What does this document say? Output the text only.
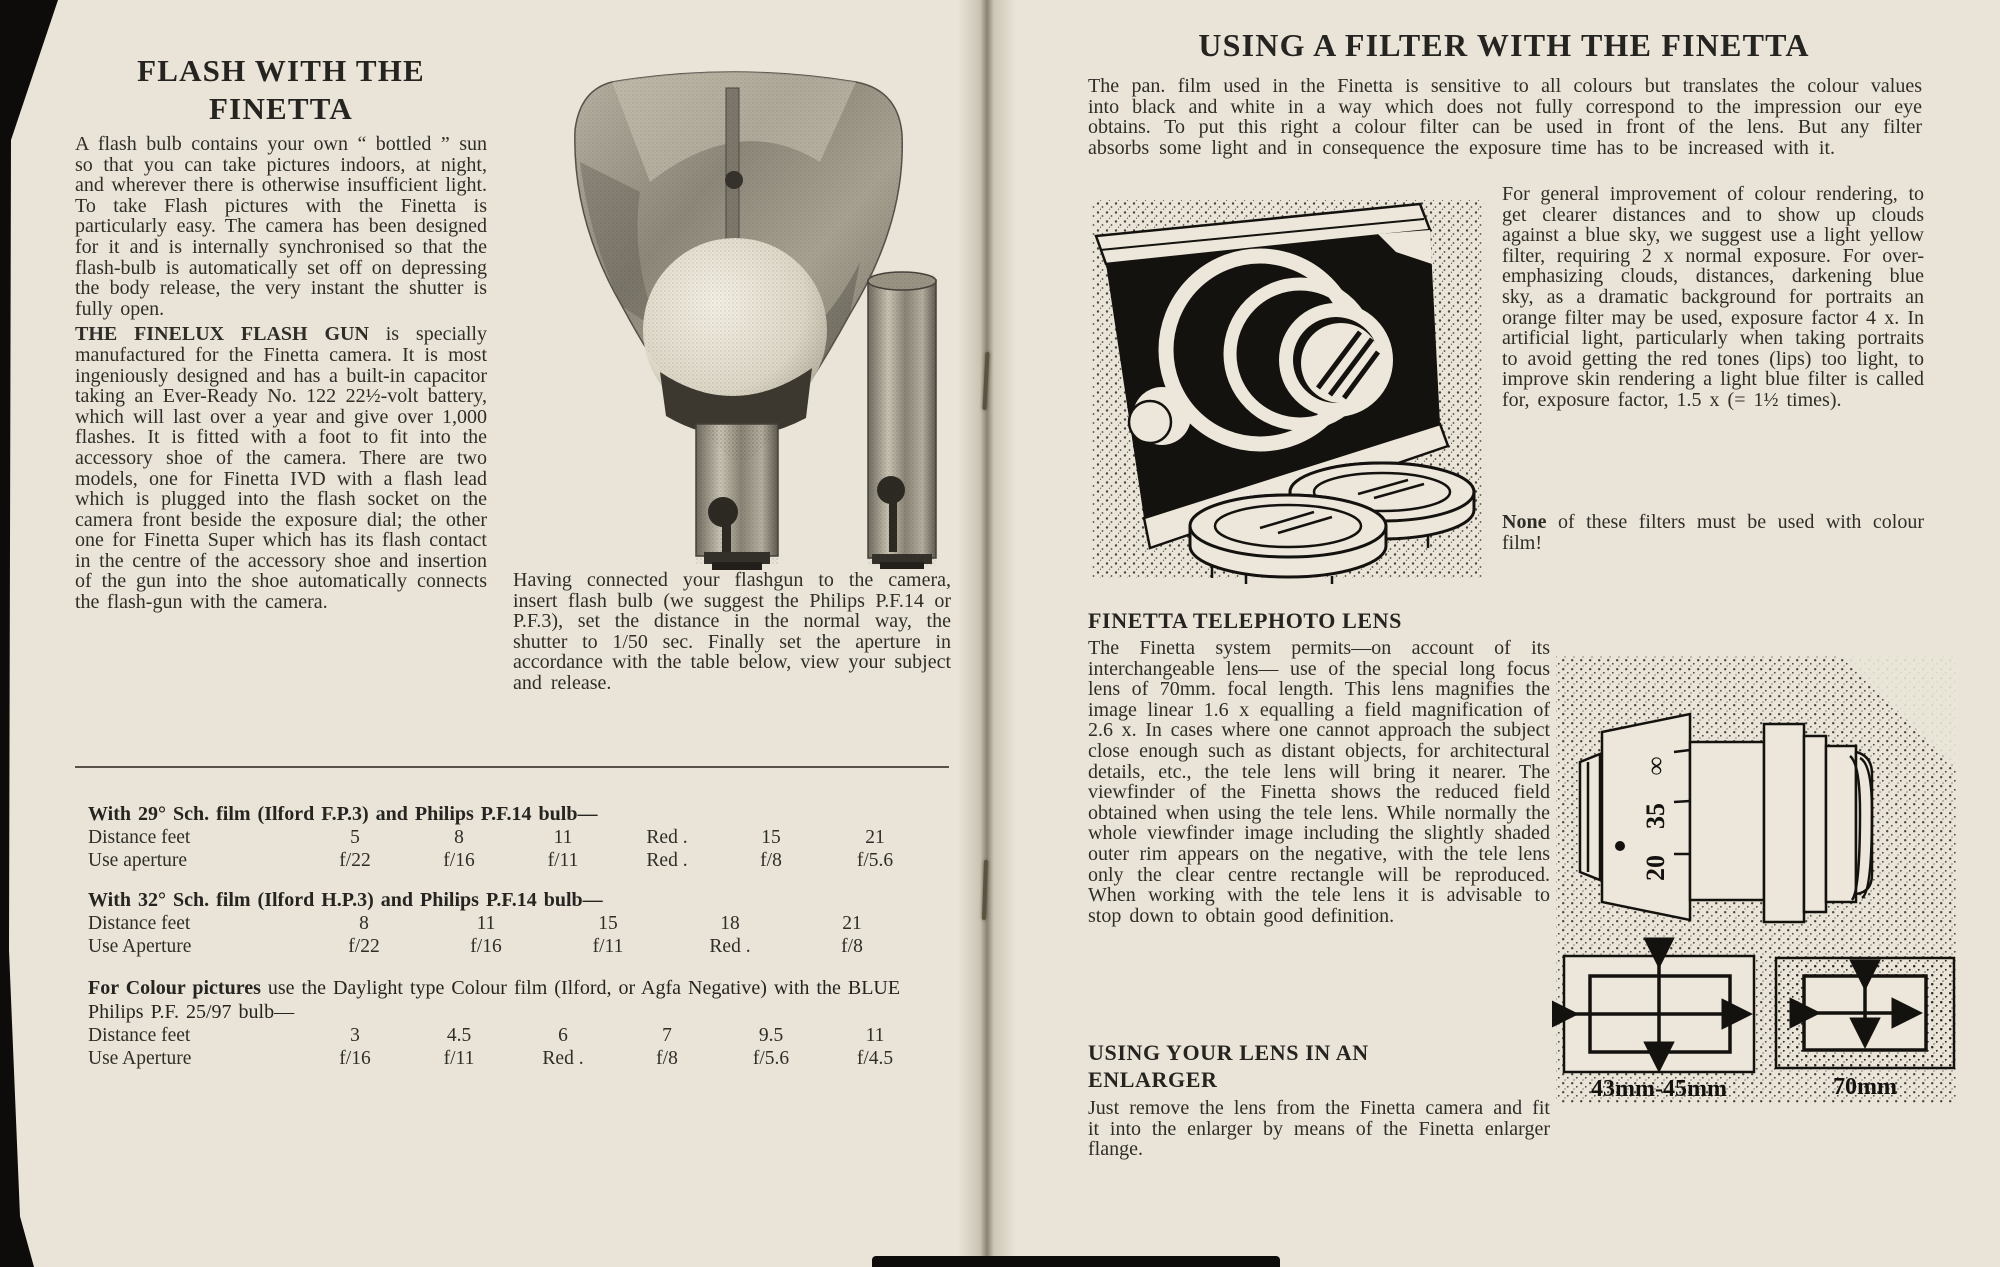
FLASH WITH THE
FINETTA

A flash bulb contains your own “ bottled ” sun so that you can take pictures indoors, at night, and wherever there is otherwise insufficient light. To take Flash pictures with the Finetta is particularly easy. The camera has been designed for it and is internally synchronised so that the flash-bulb is automatically set off on depressing the body release, the very instant the shutter is fully open.

THE FINELUX FLASH GUN is specially manufactured for the Finetta camera. It is most ingeniously designed and has a built-in capacitor taking an Ever-Ready No. 122 22½-volt battery, which will last over a year and give over 1,000 flashes. It is fitted with a foot to fit into the accessory shoe of the camera. There are two models, one for Finetta IVD with a flash lead which is plugged into the flash socket on the camera front beside the exposure dial; the other one for Finetta Super which has its flash contact in the centre of the accessory shoe and insertion of the gun into the shoe automatically connects the flash-gun with the camera.

Having connected your flashgun to the camera, insert flash bulb (we suggest the Philips P.F.14 or P.F.3), set the distance in the normal way, the shutter to 1/50 sec. Finally set the aperture in accordance with the table below, view your subject and release.

With 29° Sch. film (Ilford F.P.3) and Philips P.F.14 bulb—
Distance feet	5	8	11	Red .	15	21
Use aperture	f/22	f/16	f/11	Red .	f/8	f/5.6
With 32° Sch. film (Ilford H.P.3) and Philips P.F.14 bulb—
Distance feet	8	11	15	18	21
Use Aperture	f/22	f/16	f/11	Red .	f/8
For Colour pictures use the Daylight type Colour film (Ilford, or Agfa Negative) with the BLUE Philips P.F. 25/97 bulb—
Distance feet	3	4.5	6	7	9.5	11
Use Aperture	f/16	f/11	Red .	f/8	f/5.6	f/4.5
USING A FILTER WITH THE FINETTA

The pan. film used in the Finetta is sensitive to all colours but translates the colour values into black and white in a way which does not fully correspond to the impression our eye obtains. To put this right a colour filter can be used in front of the lens. But any filter absorbs some light and in consequence the exposure time has to be increased with it.

For general improvement of colour rendering, to get clearer distances and to show up clouds against a blue sky, we suggest use a light yellow filter, requiring 2 x normal exposure. For over-emphasizing clouds, distances, darkening blue sky, as a dramatic background for portraits an orange filter may be used, exposure factor 4 x. In artificial light, particularly when taking portraits to avoid getting the red tones (lips) too light, to improve skin rendering a light blue filter is called for, exposure factor, 1.5 x (= 1½ times).

None of these filters must be used with colour film!

FINETTA TELEPHOTO LENS

The Finetta system permits—on account of its interchangeable lens— use of the special long focus lens of 70mm. focal length. This lens magnifies the image linear 1.6 x equalling a field magnification of 2.6 x. In cases where one cannot approach the subject close enough such as distant objects, for architectural details, etc., the tele lens will bring it nearer. The viewfinder of the Finetta shows the reduced field obtained when using the tele lens. While normally the whole viewfinder image including the slightly shaded outer rim appears on the negative, with the tele lens only the clear centre rectangle will be reproduced. When working with the tele lens it is advisable to stop down to obtain good definition.

USING YOUR LENS IN AN
ENLARGER

Just remove the lens from the Finetta camera and fit it into the enlarger by means of the Finetta enlarger flange.

∞
35
20
43mm-45mm	70mm
